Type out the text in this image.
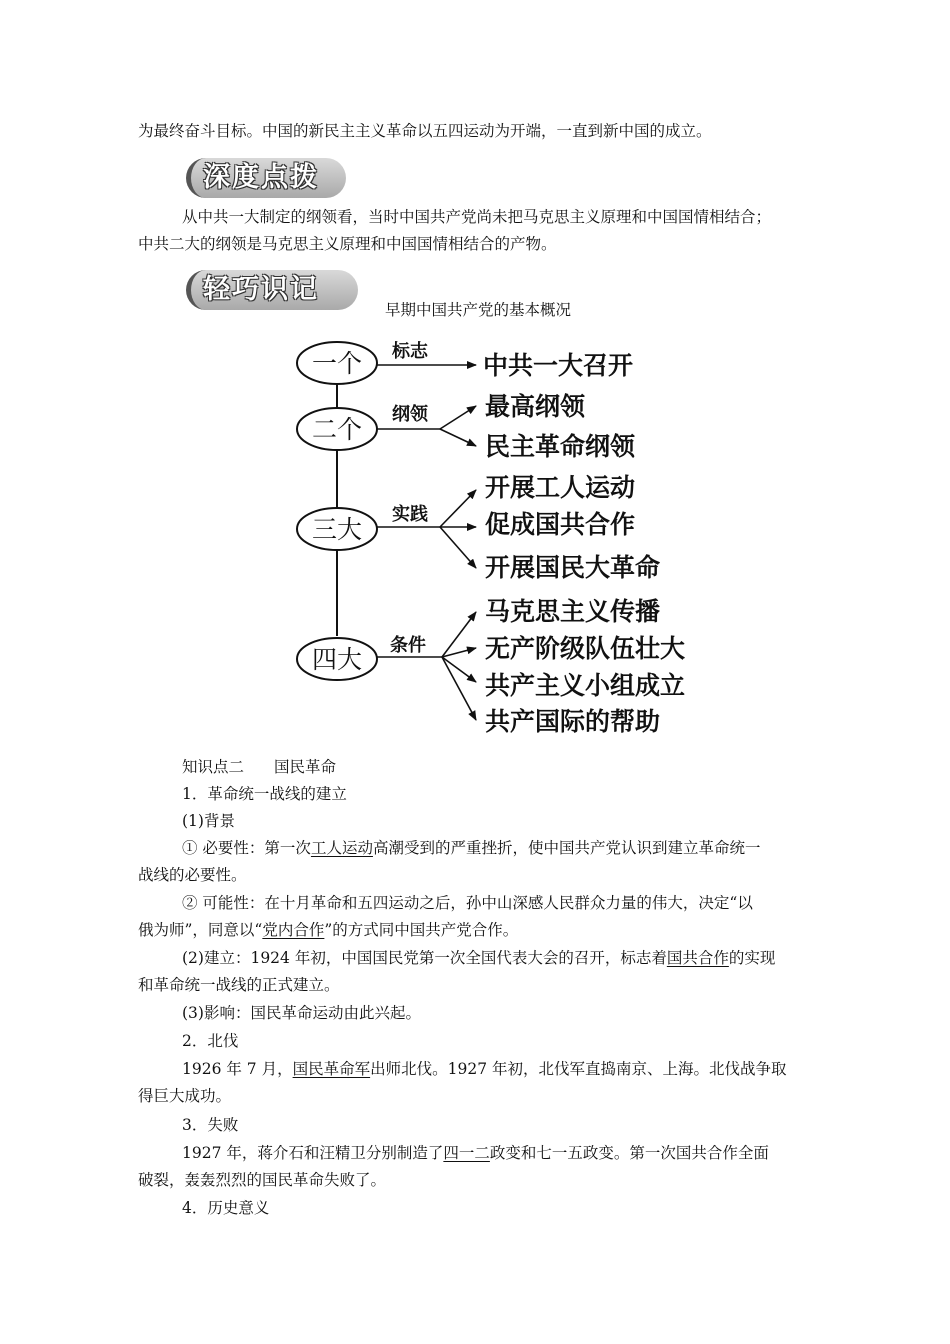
为最终奋斗目标。中国的新民主主义革命以五四运动为开端，一直到新中国的成立。
深度点拨
从中共一大制定的纲领看，当时中国共产党尚未把马克思主义原理和中国国情相结合；
中共二大的纲领是马克思主义原理和中国国情相结合的产物。
轻巧识记
早期中国共产党的基本概况
一个 标志 中共一大召开
二个
纲领 最高纲领
民主革命纲领
三大
实践
开展工人运动
促成国共合作
开展国民大革命
四大 条件
马克思主义传播
无产阶级队伍壮大
共产主义小组成立
共产国际的帮助
知识点二 国民革命
1．革命统一战线的建立
(1)背景
① 必要性：第一次工人运动高潮受到的严重挫折，使中国共产党认识到建立革命统一
战线的必要性。
② 可能性：在十月革命和五四运动之后，孙中山深感人民群众力量的伟大，决定“以
俄为师”，同意以“党内合作”的方式同中国共产党合作。
(2)建立：1924 年初，中国国民党第一次全国代表大会的召开，标志着国共合作的实现
和革命统一战线的正式建立。
(3)影响：国民革命运动由此兴起。
2．北伐
1926 年 7 月，国民革命军出师北伐。1927 年初，北伐军直捣南京、上海。北伐战争取
得巨大成功。
3．失败
1927 年，蒋介石和汪精卫分别制造了四一二政变和七一五政变。第一次国共合作全面
破裂，轰轰烈烈的国民革命失败了。
4．历史意义
